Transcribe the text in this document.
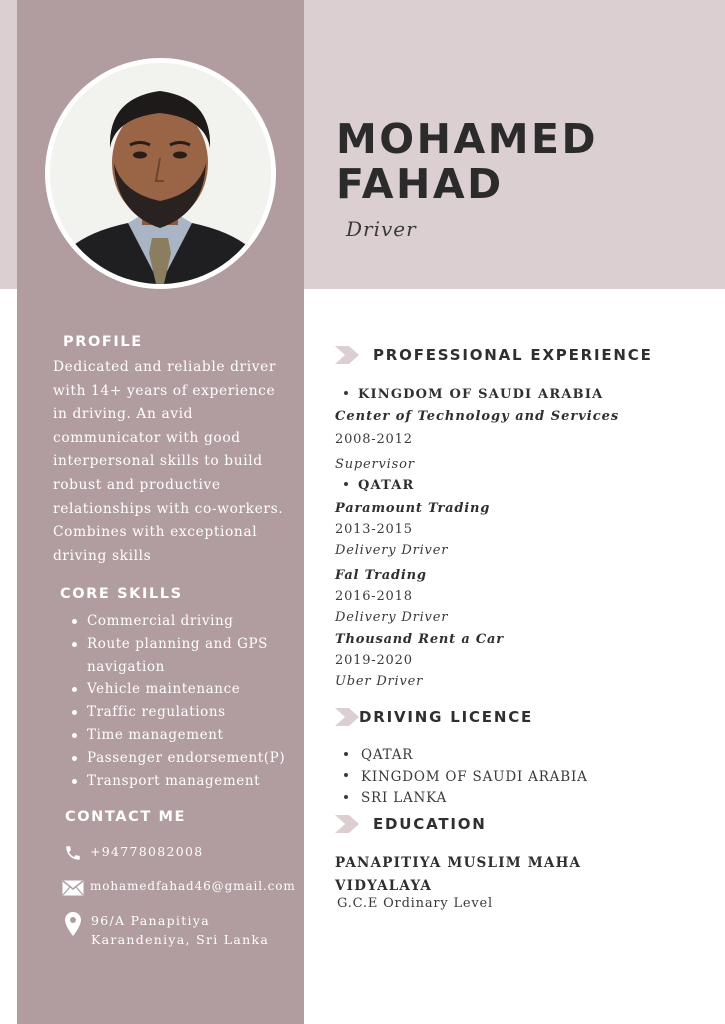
MOHAMED
FAHAD
Driver
PROFILE
Dedicated and reliable driver with 14+ years of experience in driving. An avid communicator with good interpersonal skills to build robust and productive relationships with co-workers. Combines with exceptional driving skills
CORE SKILLS
Commercial driving
Route planning and GPS navigation
Vehicle maintenance
Traffic regulations
Time management
Passenger endorsement(P)
Transport management
CONTACT ME
+94778082008
mohamedfahad46@gmail.com
96/A Panapitiya
Karandeniya, Sri Lanka
PROFESSIONAL EXPERIENCE
KINGDOM OF SAUDI ARABIA
Center of Technology and Services
2008-2012
Supervisor
QATAR
Paramount Trading
2013-2015
Delivery Driver
Fal Trading
2016-2018
Delivery Driver
Thousand Rent a Car
2019-2020
Uber Driver
DRIVING LICENCE
QATAR
KINGDOM OF SAUDI ARABIA
SRI LANKA
EDUCATION
PANAPITIYA MUSLIM MAHA VIDYALAYA
G.C.E Ordinary Level
